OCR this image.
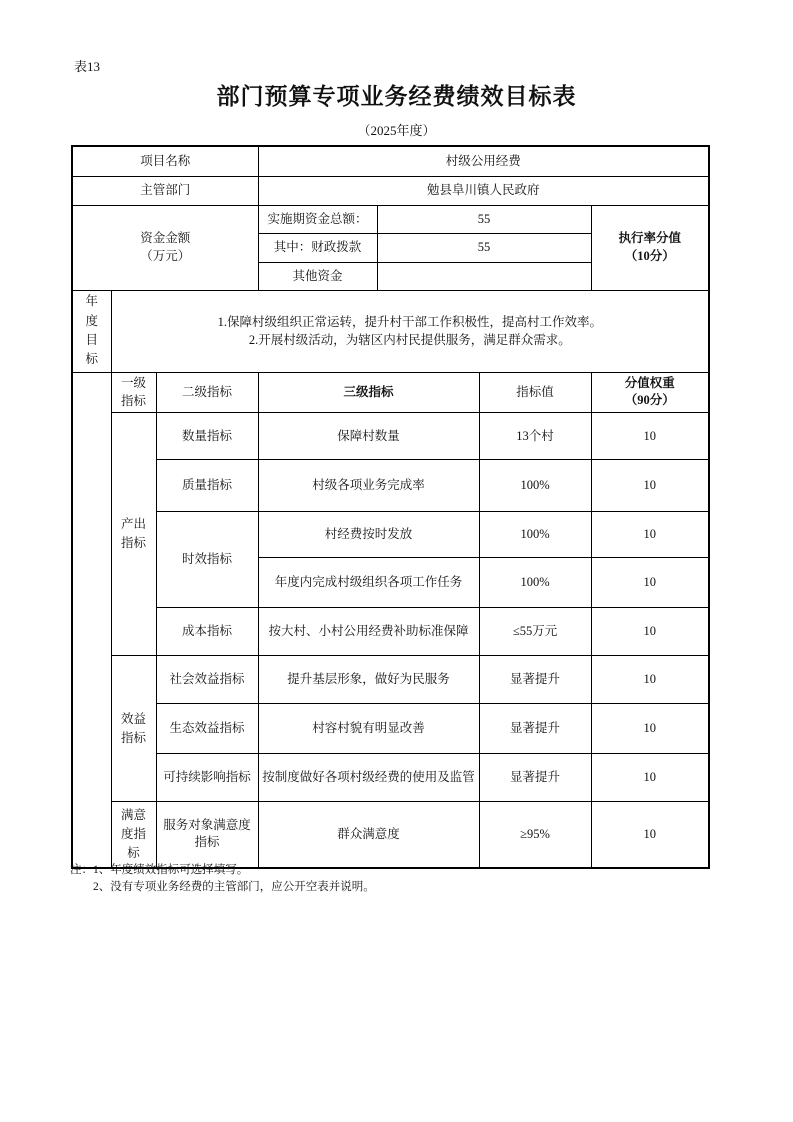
表13
部门预算专项业务经费绩效目标表
（2025年度）
项目名称			村级公用经费			
主管部门			勉县阜川镇人民政府			

资金金额
（万元）			实施期资金总额：	55		执行率分值
（10分）

			其中：财政拨款	55		
			其他资金			
年度目标	1.保障村级组织正常运转，提升村干部工作积极性，提高村工作效率。
2.开展村级活动，为辖区内村民提供服务，满足群众需求。					

	一级指标	二级指标	三级指标		指标值	分值权重
（90分）

	产出指标	数量指标	保障村数量		13个村	10
		质量指标	村级各项业务完成率		100%	10
		时效指标	村经费按时发放		100%	10
			年度内完成村级组织各项工作任务		100%	10
		成本指标	按大村、小村公用经费补助标准保障		≤55万元	10
	效益指标	社会效益指标	提升基层形象，做好为民服务		显著提升	10
		生态效益指标	村容村貌有明显改善		显著提升	10
		可持续影响指标	按制度做好各项村级经费的使用及监管		显著提升	10
	满意度指标	服务对象满意度指标	群众满意度		≥95%	10
注：1、年度绩效指标可选择填写。
2、没有专项业务经费的主管部门，应公开空表并说明。
